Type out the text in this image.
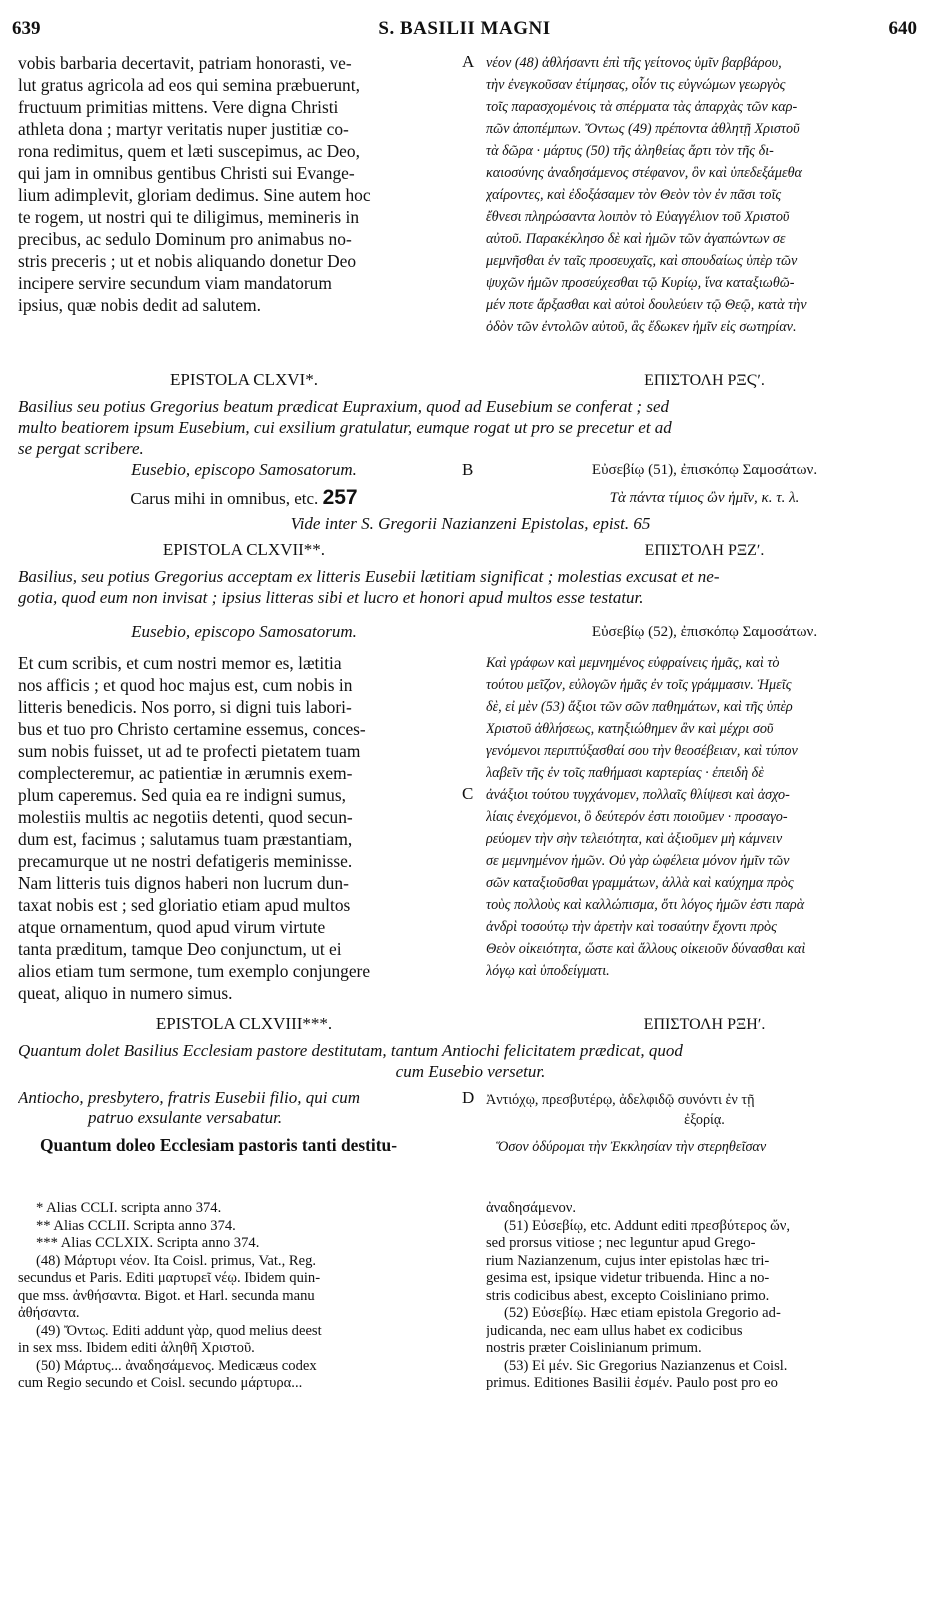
639	S. BASILII MAGNI	640
vobis barbaria decertavit, patriam honorasti, ve-
lut gratus agricola ad eos qui semina præbuerunt,
fructuum primitias mittens. Vere digna Christi
athleta dona ; martyr veritatis nuper justitiæ co-
rona redimitus, quem et læti suscepimus, ac Deo,
qui jam in omnibus gentibus Christi sui Evange-
lium adimplevit, gloriam dedimus. Sine autem hoc
te rogem, ut nostri qui te diligimus, memineris in
precibus, ac sedulo Dominum pro animabus no-
stris preceris ; ut et nobis aliquando donetur Deo
incipere servire secundum viam mandatorum
ipsius, quæ nobis dedit ad salutem.
A νέον (48) ἀθλήσαντι ἐπὶ τῆς γείτονος ὑμῖν βαρβάρου,
τὴν ἐνεγκοῦσαν ἐτίμησας, οἷόν τις εὐγνώμων γεωργὸς
τοῖς παρασχομένοις τὰ σπέρματα τὰς ἀπαρχὰς τῶν καρ-
πῶν ἀποπέμπων. Ὄντως (49) πρέποντα ἀθλητῇ Χριστοῦ
τὰ δῶρα · μάρτυς (50) τῆς ἀληθείας ἄρτι τὸν τῆς δι-
καιοσύνης ἀναδησάμενος στέφανον, ὃν καὶ ὑπεδεξάμεθα
χαίροντες, καὶ ἐδοξάσαμεν τὸν Θεὸν τὸν ἐν πᾶσι τοῖς
ἔθνεσι πληρώσαντα λοιπὸν τὸ Εὐαγγέλιον τοῦ Χριστοῦ
αὐτοῦ. Παρακέκλησο δὲ καὶ ἡμῶν τῶν ἀγαπώντων σε
μεμνῆσθαι ἐν ταῖς προσευχαῖς, καὶ σπουδαίως ὑπὲρ τῶν
ψυχῶν ἡμῶν προσεύχεσθαι τῷ Κυρίῳ, ἵνα καταξιωθῶ-
μέν ποτε ἄρξασθαι καὶ αὐτοὶ δουλεύειν τῷ Θεῷ, κατὰ τὴν
ὁδὸν τῶν ἐντολῶν αὐτοῦ, ἃς ἔδωκεν ἡμῖν εἰς σωτηρίαν.
EPISTOLA CLXVI*.	ΕΠΙΣΤΟΛΗ ΡΞϚʹ.
Basilius seu potius Gregorius beatum prædicat Eupraxium, quod ad Eusebium se conferat ; sed
multo beatiorem ipsum Eusebium, cui exsilium gratulatur, eumque rogat ut pro se precetur et ad
se pergat scribere.
Eusebio, episcopo Samosatorum.	B	Εὐσεβίῳ (51), ἐπισκόπῳ Σαμοσάτων.
Carus mihi in omnibus, etc. 257	Τὰ πάντα τίμιος ὢν ἡμῖν, κ. τ. λ.
Vide inter S. Gregorii Nazianzeni Epistolas, epist. 65
EPISTOLA CLXVII**.	ΕΠΙΣΤΟΛΗ ΡΞΖʹ.
Basilius, seu potius Gregorius acceptam ex litteris Eusebii lætitiam significat ; molestias excusat et ne-
gotia, quod eum non invisat ; ipsius litteras sibi et lucro et honori apud multos esse testatur.
Eusebio, episcopo Samosatorum.	Εὐσεβίῳ (52), ἐπισκόπῳ Σαμοσάτων.
Et cum scribis, et cum nostri memor es, lætitia
nos afficis ; et quod hoc majus est, cum nobis in
litteris benedicis. Nos porro, si digni tuis labori-
bus et tuo pro Christo certamine essemus, conces-
sum nobis fuisset, ut ad te profecti pietatem tuam
complecteremur, ac patientiæ in ærumnis exem-
plum caperemus. Sed quia ea re indigni sumus,
molestiis multis ac negotiis detenti, quod secun-
dum est, facimus ; salutamus tuam præstantiam,
precamurque ut ne nostri defatigeris meminisse.
Nam litteris tuis dignos haberi non lucrum dun-
taxat nobis est ; sed gloriatio etiam apud multos
atque ornamentum, quod apud virum virtute
tanta præditum, tamque Deo conjunctum, ut ei
alios etiam tum sermone, tum exemplo conjungere
queat, aliquo in numero simus.
C
Καὶ γράφων καὶ μεμνημένος εὐφραίνεις ἡμᾶς, καὶ τὸ
τούτου μεῖζον, εὐλογῶν ἡμᾶς ἐν τοῖς γράμμασιν. Ἡμεῖς
δὲ, εἰ μὲν (53) ἄξιοι τῶν σῶν παθημάτων, καὶ τῆς ὑπὲρ
Χριστοῦ ἀθλήσεως, κατηξιώθημεν ἂν καὶ μέχρι σοῦ
γενόμενοι περιπτύξασθαί σου τὴν θεοσέβειαν, καὶ τύπον
λαβεῖν τῆς ἐν τοῖς παθήμασι καρτερίας · ἐπειδὴ δὲ
ἀνάξιοι τούτου τυγχάνομεν, πολλαῖς θλίψεσι καὶ ἀσχο-
λίαις ἐνεχόμενοι, ὃ δεύτερόν ἐστι ποιοῦμεν · προσαγο-
ρεύομεν τὴν σὴν τελειότητα, καὶ ἀξιοῦμεν μὴ κάμνειν
σε μεμνημένον ἡμῶν. Οὐ γὰρ ὠφέλεια μόνον ἡμῖν τῶν
σῶν καταξιοῦσθαι γραμμάτων, ἀλλὰ καὶ καύχημα πρὸς
τοὺς πολλοὺς καὶ καλλώπισμα, ὅτι λόγος ἡμῶν ἐστι παρὰ
ἀνδρὶ τοσούτῳ τὴν ἀρετὴν καὶ τοσαύτην ἔχοντι πρὸς
Θεὸν οἰκειότητα, ὥστε καὶ ἄλλους οἰκειοῦν δύνασθαι καὶ
λόγῳ καὶ ὑποδείγματι.
EPISTOLA CLXVIII***.	ΕΠΙΣΤΟΛΗ ΡΞΗʹ.
Quantum dolet Basilius Ecclesiam pastore destitutam, tantum Antiochi felicitatem prædicat, quod
cum Eusebio versetur.
Antiocho, presbytero, fratris Eusebii filio, qui cum
patruo exsulante versabatur.
D Ἀντιόχῳ, πρεσβυτέρῳ, ἀδελφιδῷ συνόντι ἐν τῇ
ἐξορίᾳ.
Quantum doleo Ecclesiam pastoris tanti destitu-	Ὅσον ὀδύρομαι τὴν Ἐκκλησίαν τὴν στερηθεῖσαν
* Alias CCLI. scripta anno 374.
** Alias CCLII. Scripta anno 374.
*** Alias CCLXIX. Scripta anno 374.
(48) Μάρτυρι νέον. Ita Coisl. primus, Vat., Reg.
secundus et Paris. Editi μαρτυρεῖ νέῳ. Ibidem quin-
que mss. ἀνθήσαντα. Bigot. et Harl. secunda manu
ἀθήσαντα.
(49) Ὄντως. Editi addunt γὰρ, quod melius deest
in sex mss. Ibidem editi ἀληθῆ Χριστοῦ.
(50) Μάρτυς... ἀναδησάμενος. Medicæus codex
cum Regio secundo et Coisl. secundo μάρτυρα...
ἀναδησάμενον.
(51) Εὐσεβίῳ, etc. Addunt editi πρεσβύτερος ὤν,
sed prorsus vitiose ; nec leguntur apud Grego-
rium Nazianzenum, cujus inter epistolas hæc tri-
gesima est, ipsique videtur tribuenda. Hinc a no-
stris codicibus abest, excepto Coisliniano primo.
(52) Εὐσεβίῳ. Hæc etiam epistola Gregorio ad-
judicanda, nec eam ullus habet ex codicibus
nostris præter Coislinianum primum.
(53) Εἰ μέν. Sic Gregorius Nazianzenus et Coisl.
primus. Editiones Basilii ἐσμέν. Paulo post pro eo
